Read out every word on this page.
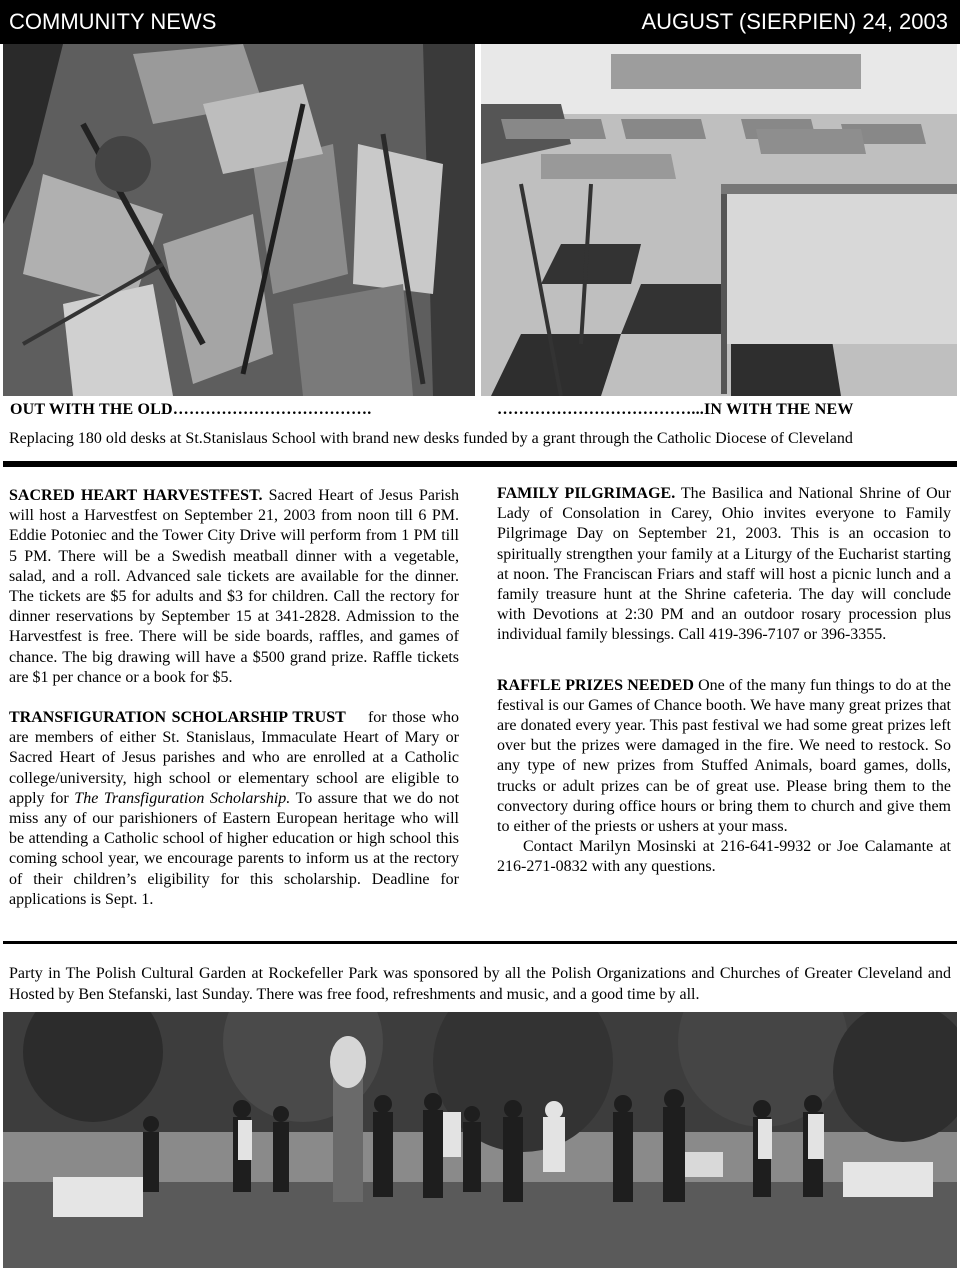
COMMUNITY NEWS	AUGUST (SIERPIEN) 24, 2003
OUT WITH THE OLD……………………………….	………………………………...IN WITH THE NEW
Replacing 180 old desks at St.Stanislaus School with brand new desks funded by a grant through the Catholic Diocese of Cleveland

SACRED HEART HARVESTFEST. Sacred Heart of Jesus Parish will host a Harvestfest on September 21, 2003 from noon till 6 PM. Eddie Potoniec and the Tower City Drive will perform from 1 PM till 5 PM. There will be a Swedish meatball dinner with a vegetable, salad, and a roll. Advanced sale tickets are available for the dinner. The tickets are $5 for adults and $3 for children. Call the rectory for dinner reservations by September 15 at 341-2828. Admission to the Harvestfest is free. There will be side boards, raffles, and games of chance. The big drawing will have a $500 grand prize. Raffle tickets are $1 per chance or a book for $5.

TRANSFIGURATION SCHOLARSHIP TRUST for those who are members of either St. Stanislaus, Immaculate Heart of Mary or Sacred Heart of Jesus parishes and who are enrolled at a Catholic college/university, high school or elementary school are eligible to apply for The Transfiguration Scholarship. To assure that we do not miss any of our parishioners of Eastern European heritage who will be attending a Catholic school of higher education or high school this coming school year, we encourage parents to inform us at the rectory of their children’s eligibility for this scholarship. Deadline for applications is Sept. 1.

FAMILY PILGRIMAGE. The Basilica and National Shrine of Our Lady of Consolation in Carey, Ohio invites everyone to Family Pilgrimage Day on September 21, 2003. This is an occasion to spiritually strengthen your family at a Liturgy of the Eucharist starting at noon. The Franciscan Friars and staff will host a picnic lunch and a family treasure hunt at the Shrine cafeteria. The day will conclude with Devotions at 2:30 PM and an outdoor rosary procession plus individual family blessings. Call 419-396-7107 or 396-3355.

RAFFLE PRIZES NEEDED One of the many fun things to do at the festival is our Games of Chance booth. We have many great prizes that are donated every year. This past festival we had some great prizes left over but the prizes were damaged in the fire. We need to restock. So any type of new prizes from Stuffed Animals, board games, dolls, trucks or adult prizes can be of great use. Please bring them to the convectory during office hours or bring them to church and give them to either of the priests or ushers at your mass.

Contact Marilyn Mosinski at 216-641-9932 or Joe Calamante at 216-271-0832 with any questions.

Party in The Polish Cultural Garden at Rockefeller Park was sponsored by all the Polish Organizations and Churches of Greater Cleveland and Hosted by Ben Stefanski, last Sunday. There was free food, refreshments and music, and a good time by all.
